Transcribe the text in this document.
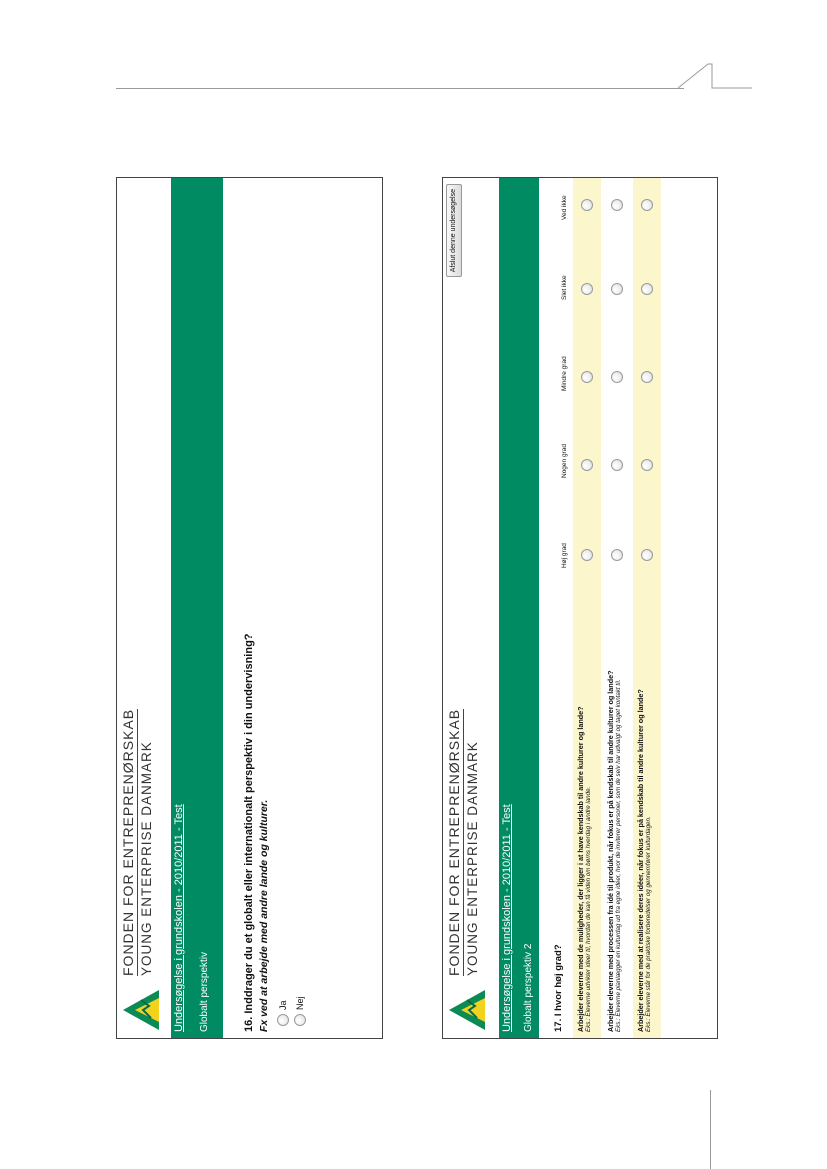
FONDEN FOR ENTREPRENØRSKAB YOUNG ENTERPRISE DANMARK Undersøgelse i grundskolen - 2010/2011 - Test Globalt perspektiv	16. Inddrager du et globalt eller internationalt perspektiv i din undervisning? Fx ved at arbejde med andre lande og kulturer. Ja Nej
FONDEN FOR ENTREPRENØRSKAB YOUNG ENTERPRISE DANMARK
Afslut denne undersøgelse
Undersøgelse i grundskolen - 2010/2011 - Test Globalt perspektiv 2 17. I hvor høj grad?
Høj grad
Nogen grad
Mindre grad
Slet ikke
Ved ikke
Arbejder eleverne med de muligheder, der ligger i at have kendskab til andre kulturer og lande? Eks.: Eleverne udvikler ideer til, hvordan de kan få viden om børns hverdag i andre lande. Arbejder eleverne med processen fra idé til produkt, når fokus er på kendskab til andre kulturer og lande? Eks.: Eleverne planlægger en kulturdag ud fra egne idéer, hvor de inviterer personer, som de selv har udvalgt og taget kontakt til. Arbejder eleverne med at realisere deres idéer, når fokus er på kendskab til andre kulturer og lande? Eks.: Eleverne står for de praktiske forberedelser og gennemfører kulturdagen.
